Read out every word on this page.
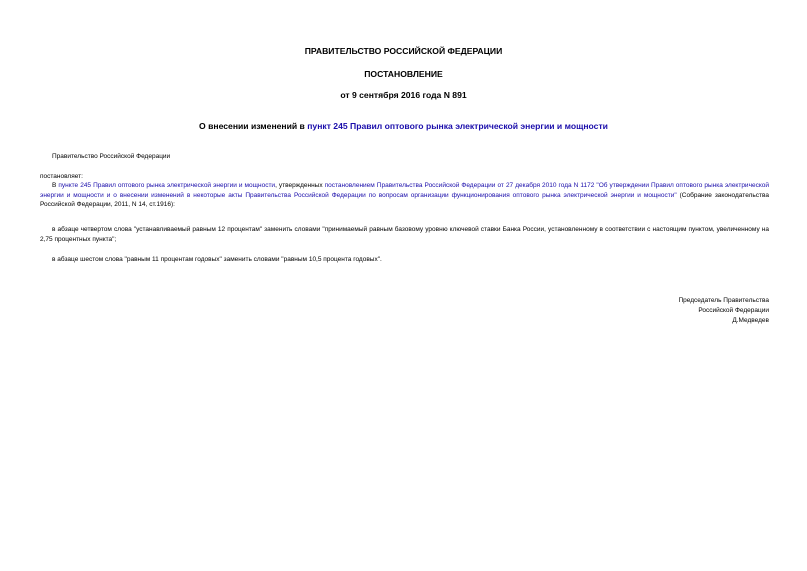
ПРАВИТЕЛЬСТВО РОССИЙСКОЙ ФЕДЕРАЦИИ
ПОСТАНОВЛЕНИЕ
от 9 сентября 2016 года N 891
О внесении изменений в пункт 245 Правил оптового рынка электрической энергии и мощности
Правительство Российской Федерации
постановляет:
В пункте 245 Правил оптового рынка электрической энергии и мощности, утвержденных постановлением Правительства Российской Федерации от 27 декабря 2010 года N 1172 "Об утверждении Правил оптового рынка электрической энергии и мощности и о внесении изменений в некоторые акты Правительства Российской Федерации по вопросам организации функционирования оптового рынка электрической энергии и мощности" (Собрание законодательства Российской Федерации, 2011, N 14, ст.1916):
в абзаце четвертом слова "устанавливаемый равным 12 процентам" заменить словами "принимаемый равным базовому уровню ключевой ставки Банка России, установленному в соответствии с настоящим пунктом, увеличенному на 2,75 процентных пункта";
в абзаце шестом слова "равным 11 процентам годовых" заменить словами "равным 10,5 процента годовых".
Председатель Правительства
Российской Федерации
Д.Медведев
